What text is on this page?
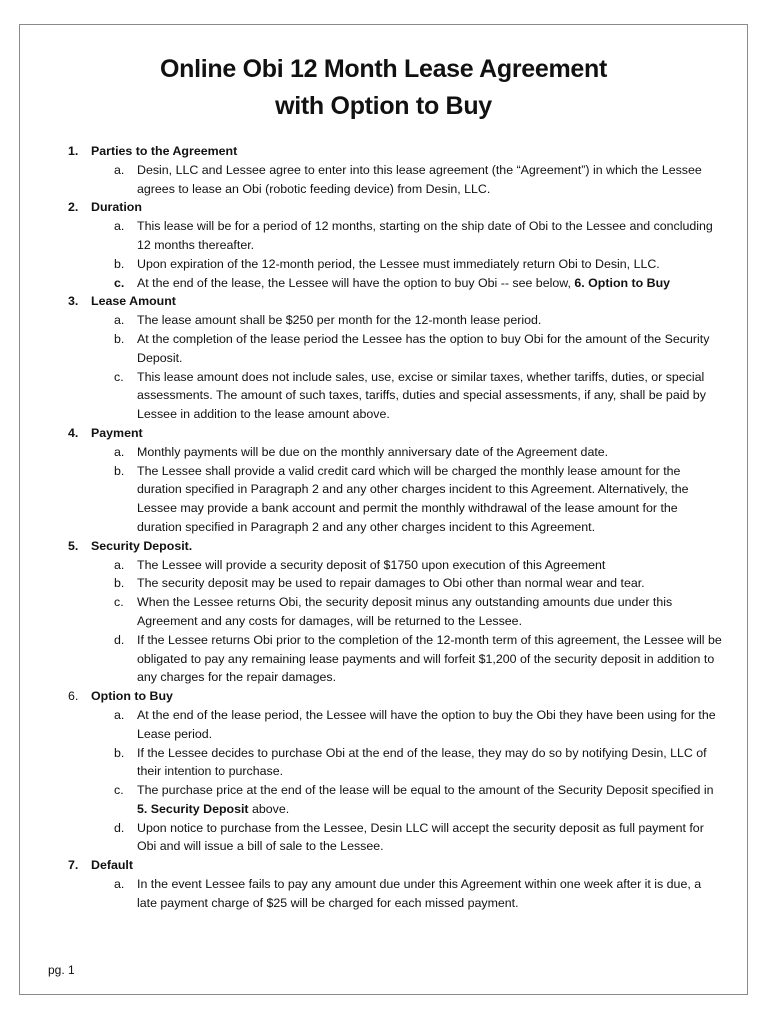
Online Obi 12 Month Lease Agreement
with Option to Buy
1. Parties to the Agreement
a. Desin, LLC and Lessee agree to enter into this lease agreement (the “Agreement”) in which the Lessee agrees to lease an Obi (robotic feeding device) from Desin, LLC.
2. Duration
a. This lease will be for a period of 12 months, starting on the ship date of Obi to the Lessee and concluding 12 months thereafter.
b. Upon expiration of the 12-month period, the Lessee must immediately return Obi to Desin, LLC.
c. At the end of the lease, the Lessee will have the option to buy Obi -- see below, 6. Option to Buy
3. Lease Amount
a. The lease amount shall be $250 per month for the 12-month lease period.
b. At the completion of the lease period the Lessee has the option to buy Obi for the amount of the Security Deposit.
c. This lease amount does not include sales, use, excise or similar taxes, whether tariffs, duties, or special assessments. The amount of such taxes, tariffs, duties and special assessments, if any, shall be paid by Lessee in addition to the lease amount above.
4. Payment
a. Monthly payments will be due on the monthly anniversary date of the Agreement date.
b. The Lessee shall provide a valid credit card which will be charged the monthly lease amount for the duration specified in Paragraph 2 and any other charges incident to this Agreement. Alternatively, the Lessee may provide a bank account and permit the monthly withdrawal of the lease amount for the duration specified in Paragraph 2 and any other charges incident to this Agreement.
5. Security Deposit.
a. The Lessee will provide a security deposit of $1750 upon execution of this Agreement
b. The security deposit may be used to repair damages to Obi other than normal wear and tear.
c. When the Lessee returns Obi, the security deposit minus any outstanding amounts due under this Agreement and any costs for damages, will be returned to the Lessee.
d. If the Lessee returns Obi prior to the completion of the 12-month term of this agreement, the Lessee will be obligated to pay any remaining lease payments and will forfeit $1,200 of the security deposit in addition to any charges for the repair damages.
6. Option to Buy
a. At the end of the lease period, the Lessee will have the option to buy the Obi they have been using for the Lease period.
b. If the Lessee decides to purchase Obi at the end of the lease, they may do so by notifying Desin, LLC of their intention to purchase.
c. The purchase price at the end of the lease will be equal to the amount of the Security Deposit specified in 5. Security Deposit above.
d. Upon notice to purchase from the Lessee, Desin LLC will accept the security deposit as full payment for Obi and will issue a bill of sale to the Lessee.
7. Default
a. In the event Lessee fails to pay any amount due under this Agreement within one week after it is due, a late payment charge of $25 will be charged for each missed payment.
pg. 1
